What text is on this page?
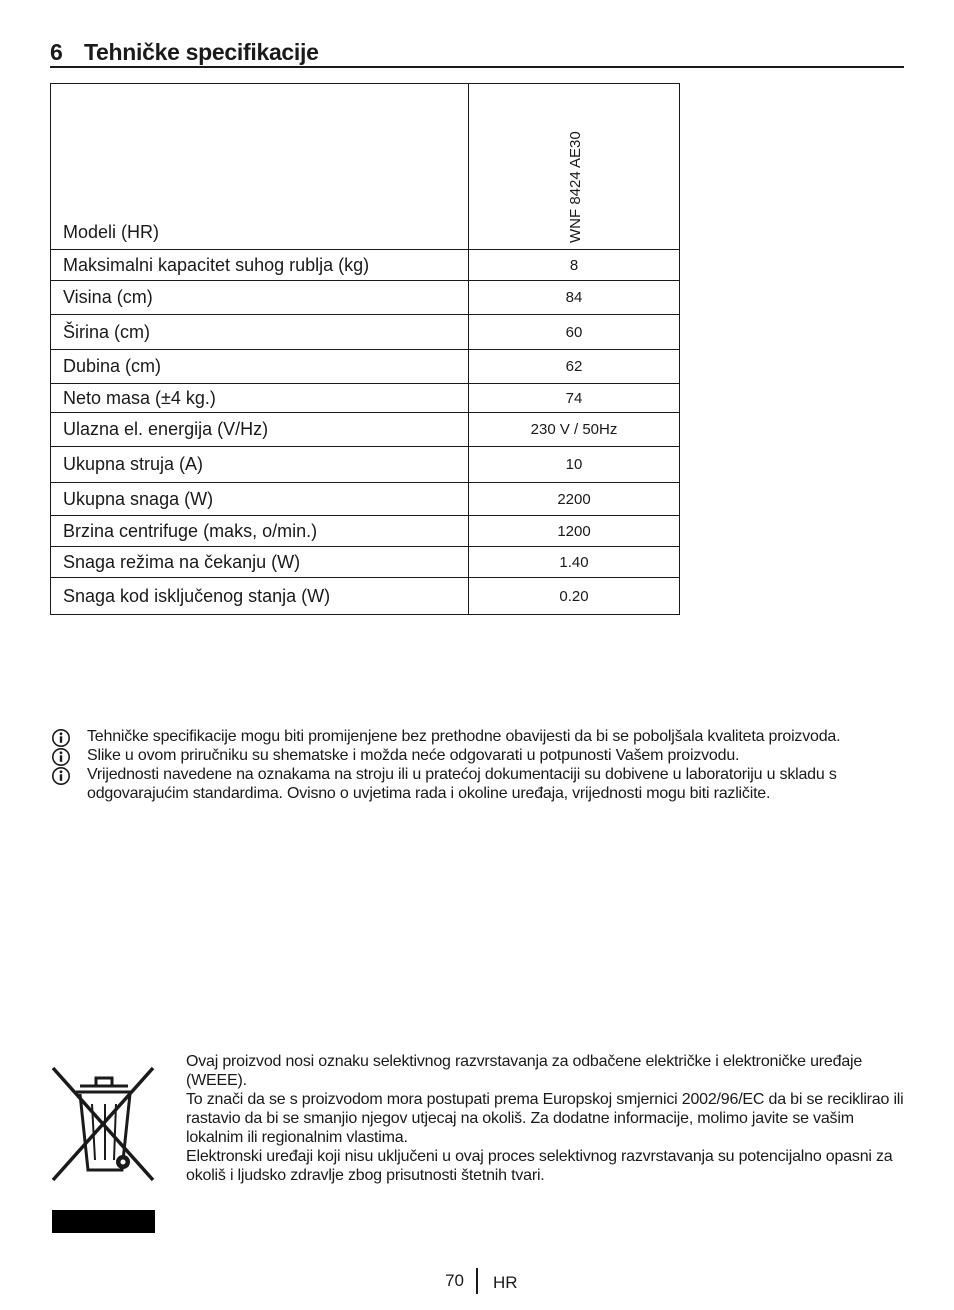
6 Tehničke specifikacije
Modeli (HR)	WNF 8424 AE30

Maksimalni kapacitet suhog rublja (kg)	8
Visina (cm)	84
Širina (cm)	60
Dubina (cm)	62
Neto masa (±4 kg.)	74
Ulazna el. energija (V/Hz)	230 V / 50Hz
Ukupna struja (A)	10
Ukupna snaga (W)	2200
Brzina centrifuge (maks, o/min.)	1200
Snaga režima na čekanju (W)	1.40
Snaga kod isključenog stanja (W)	0.20
Tehničke specifikacije mogu biti promijenjene bez prethodne obavijesti da bi se poboljšala kvaliteta proizvoda.
Slike u ovom priručniku su shematske i možda neće odgovarati u potpunosti Vašem proizvodu.
Vrijednosti navedene na oznakama na stroju ili u pratećoj dokumentaciji su dobivene u laboratoriju u skladu s odgovarajućim standardima. Ovisno o uvjetima rada i okoline uređaja, vrijednosti mogu biti različite.

Ovaj proizvod nosi oznaku selektivnog razvrstavanja za odbačene električke i elektroničke uređaje (WEEE).

To znači da se s proizvodom mora postupati prema Europskoj smjernici 2002/96/EC da bi se reciklirao ili rastavio da bi se smanjio njegov utjecaj na okoliš. Za dodatne informacije, molimo javite se vašim lokalnim ili regionalnim vlastima.

Elektronski uređaji koji nisu uključeni u ovaj proces selektivnog razvrstavanja su potencijalno opasni za okoliš i ljudsko zdravlje zbog prisutnosti štetnih tvari.

70 HR
